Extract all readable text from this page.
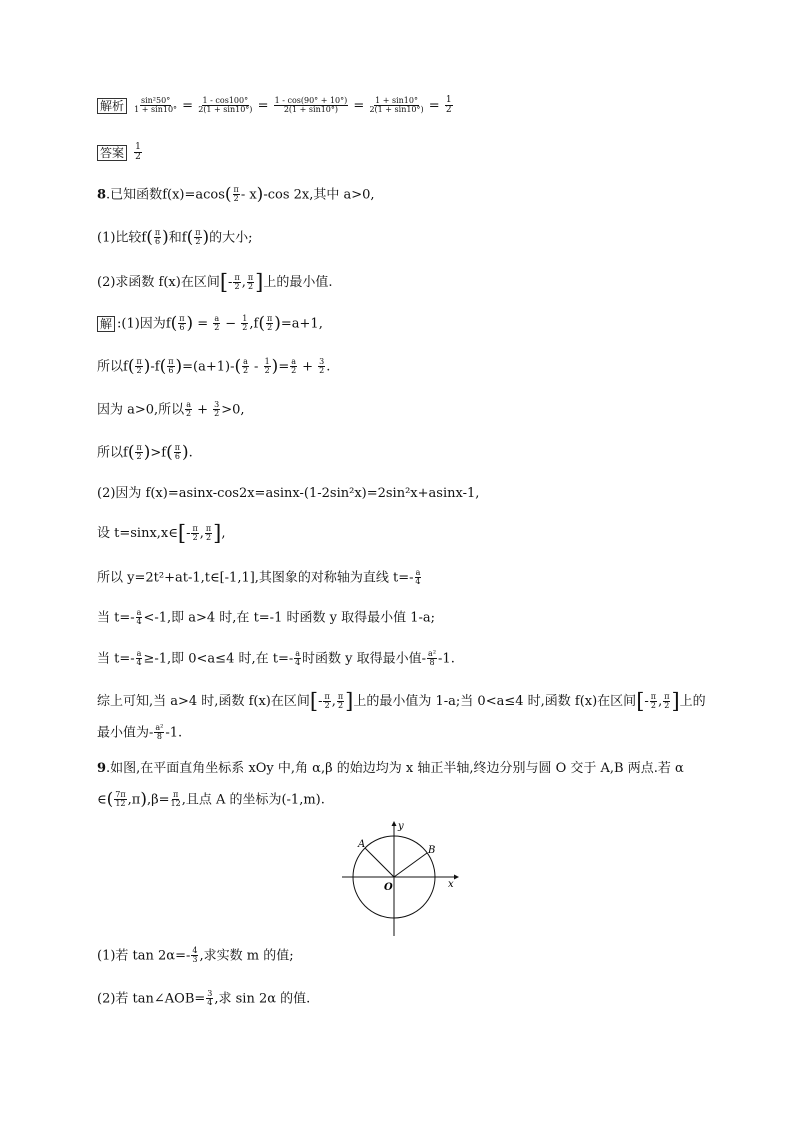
解析 $\frac{\text{sin²50°}}{1 + \sin 10^\circ} = \frac{1 - \cos 100^\circ}{2(1 + \sin 10^\circ)} = \frac{1 - \cos(90^\circ + 10^\circ)}{2(1 + \sin 10^\circ)} = \frac{1 + \sin 10^\circ}{2(1 + \sin 10^\circ)} = \frac{1}{2}$
答案 $\frac{1}{2}$
8.已知函数$f(x)=acos( \frac{\pi}{2} - x)-\cos$ 2x,其中 a>0,
(1)比较$f( \frac{\pi}{6}$ )和$f( \frac{\pi}{2}$ )的大小;
(2)求函数 f(x)在区间[- $\frac{\pi}{2}$ , $\frac{\pi}{2}$ ]上的最小值.
解 :(1)因为$f( \frac{\pi}{6}$ ) = $\frac{a}{2} - \frac{1}{2} ,f( \frac{\pi}{2} )=a+1$,
所以$f( \frac{\pi}{2} )-f( \frac{\pi}{6} )=(a+1)-( \frac{a}{2} - \frac{1}{2}$ )= $\frac{a}{2} + \frac{3}{2}$ .
因为 a>0,所以 $\frac{a}{2} + \frac{3}{2} >0$,
所以$f( \frac{\pi}{2} )>f( \frac{\pi}{6}$ ).
(2)因为 f(x)=asinx-cos2x=asinx-(1-2sin²x)=2sin²x+asinx-1,
设 t=sinx,x∈[- $\frac{\pi}{2}$ , $\frac{\pi}{2}$ ],
所以 y=2t²+at-1,t∈[-1,1],其图象的对称轴为直线 $t=- \frac{a}{4}$
当 $t=- \frac{a}{4} <-1$,即 a>4 时,在 t=-1 时函数 y 取得最小值 1-a;
当 $t=- \frac{a}{4} \ge-1$,即 0<a≤4 时,在 $t=- \frac{a}{4}$ 时函数 y 取得最小值- $\frac{\text{a²}}{8} -1$.
综上可知,当 a>4 时,函数 f(x)在区间[- $\frac{\pi}{2}$ , $\frac{\pi}{2}$ ]上的最小值为 1-a;当 0<a≤4 时,函数 f(x)在区间[- $\frac{\pi}{2}$ , $\frac{\pi}{2}$ ]上的
最小值为- $\frac{\text{a²}}{8} -1$.
9.如图,在平面直角坐标系 xOy 中,角 α,β 的始边均为 x 轴正半轴,终边分别与圆 O 交于 A,B 两点.若 α
∈( $\frac{7\pi}{12} ,\pi),\beta= \frac{\pi}{12}$ ,且点 A 的坐标为(-1,m).
y
x
O
A
B
(1)若 $\tan 2\alpha=- \frac{4}{3}$ ,求实数 m 的值;
(2)若 tan∠AOB= $\frac{3}{4}$ ,求 sin 2α 的值.
